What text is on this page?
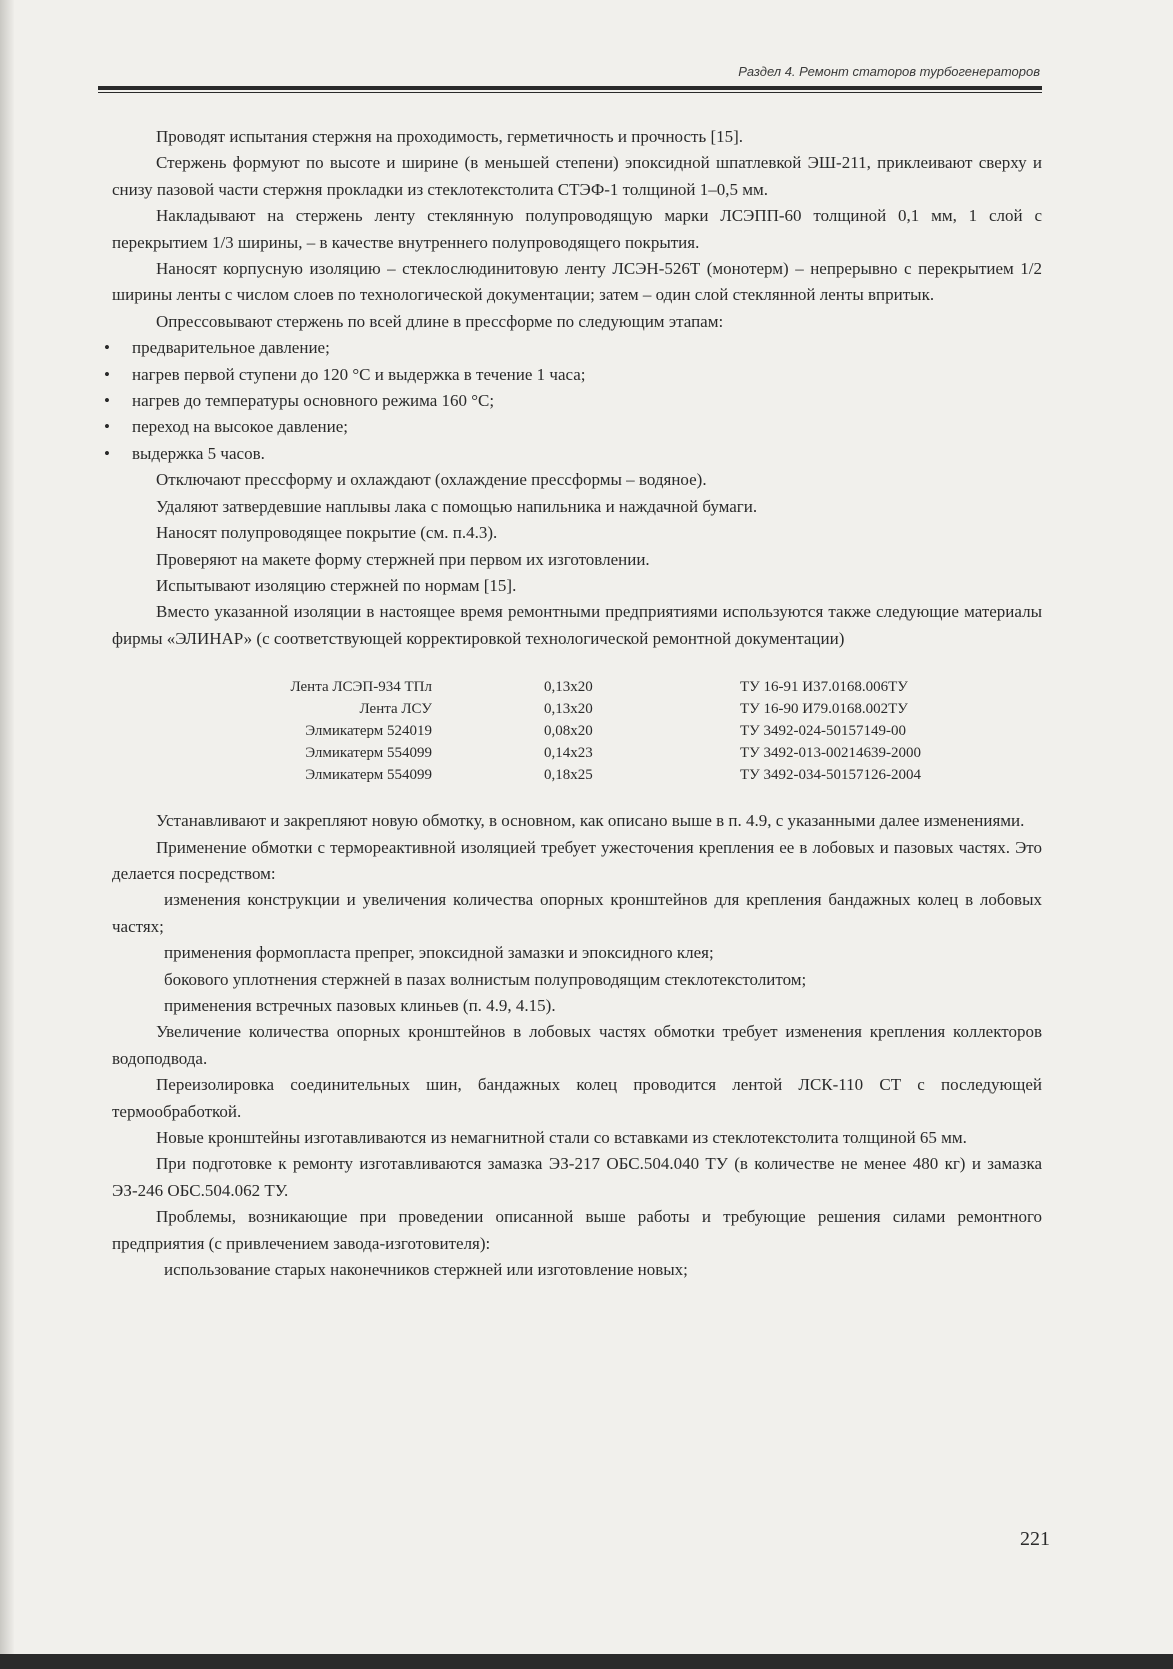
Раздел 4. Ремонт статоров турбогенераторов

Проводят испытания стержня на проходимость, герметичность и прочность [15].

Стержень формуют по высоте и ширине (в меньшей степени) эпоксидной шпатлевкой ЭШ-211, приклеивают сверху и снизу пазовой части стержня прокладки из стеклотекстолита СТЭФ-1 толщиной 1–0,5 мм.

Накладывают на стержень ленту стеклянную полупроводящую марки ЛСЭПП-60 толщиной 0,1 мм, 1 слой с перекрытием 1/3 ширины, – в качестве внутреннего полупроводящего покрытия.

Наносят корпусную изоляцию – стеклослюдинитовую ленту ЛСЭН-526Т (монотерм) – непрерывно с перекрытием 1/2 ширины ленты с числом слоев по технологической документации; затем – один слой стеклянной ленты впритык.

Опрессовывают стержень по всей длине в прессформе по следующим этапам:

• предварительное давление;
• нагрев первой ступени до 120 °С и выдержка в течение 1 часа;
• нагрев до температуры основного режима 160 °С;
• переход на высокое давление;
• выдержка 5 часов.

Отключают прессформу и охлаждают (охлаждение прессформы – водяное).

Удаляют затвердевшие наплывы лака с помощью напильника и наждачной бумаги.

Наносят полупроводящее покрытие (см. п.4.3).

Проверяют на макете форму стержней при первом их изготовлении.

Испытывают изоляцию стержней по нормам [15].

Вместо указанной изоляции в настоящее время ремонтными предприятиями используются также следующие материалы фирмы «ЭЛИНАР» (с соответствующей корректировкой технологической ремонтной документации)

Лента ЛСЭП-934 ТПл	0,13х20	ТУ 16-91 И37.0168.006ТУ
Лента ЛСУ	0,13х20	ТУ 16-90 И79.0168.002ТУ
Элмикатерм 524019	0,08х20	ТУ 3492-024-50157149-00
Элмикатерм 554099	0,14х23	ТУ 3492-013-00214639-2000
Элмикатерм 554099	0,18х25	ТУ 3492-034-50157126-2004

Устанавливают и закрепляют новую обмотку, в основном, как описано выше в п. 4.9, с указанными далее изменениями.

Применение обмотки с термореактивной изоляцией требует ужесточения крепления ее в лобовых и пазовых частях. Это делается посредством:

изменения конструкции и увеличения количества опорных кронштейнов для крепления бандажных колец в лобовых частях;

применения формопласта препрег, эпоксидной замазки и эпоксидного клея;

бокового уплотнения стержней в пазах волнистым полупроводящим стеклотекстолитом;

применения встречных пазовых клиньев (п. 4.9, 4.15).

Увеличение количества опорных кронштейнов в лобовых частях обмотки требует изменения крепления коллекторов водоподвода.

Переизолировка соединительных шин, бандажных колец проводится лентой ЛСК-110 СТ с последующей термообработкой.

Новые кронштейны изготавливаются из немагнитной стали со вставками из стеклотекстолита толщиной 65 мм.

При подготовке к ремонту изготавливаются замазка ЭЗ-217 ОБС.504.040 ТУ (в количестве не менее 480 кг) и замазка ЭЗ-246 ОБС.504.062 ТУ.

Проблемы, возникающие при проведении описанной выше работы и требующие решения силами ремонтного предприятия (с привлечением завода-изготовителя):

использование старых наконечников стержней или изготовление новых;

221
